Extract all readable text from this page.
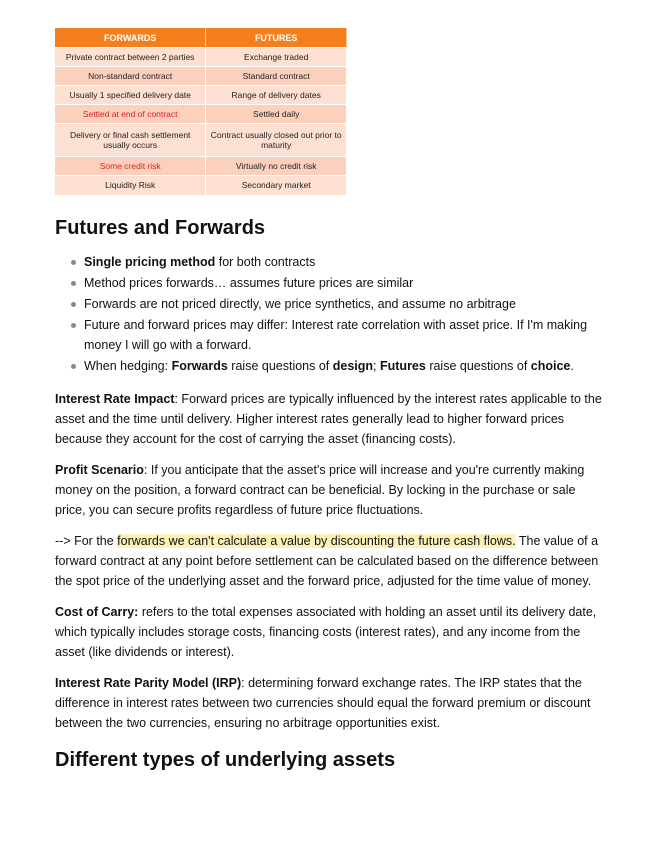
FORWARDS	FUTURES
Private contract between 2 parties	Exchange traded
Non-standard contract	Standard contract
Usually 1 specified delivery date	Range of delivery dates
Settled at end of contract	Settled daily
Delivery or final cash settlement usually occurs	Contract usually closed out prior to maturity
Some credit risk	Virtually no credit risk
Liquidity Risk	Secondary market
Futures and Forwards
Single pricing method for both contracts
Method prices forwards… assumes future prices are similar
Forwards are not priced directly, we price synthetics, and assume no arbitrage
Future and forward prices may differ: Interest rate correlation with asset price. If I'm making money I will go with a forward.
When hedging: Forwards raise questions of design; Futures raise questions of choice.

Interest Rate Impact: Forward prices are typically influenced by the interest rates applicable to the asset and the time until delivery. Higher interest rates generally lead to higher forward prices because they account for the cost of carrying the asset (financing costs).

Profit Scenario: If you anticipate that the asset's price will increase and you're currently making money on the position, a forward contract can be beneficial. By locking in the purchase or sale price, you can secure profits regardless of future price fluctuations.

--> For the forwards we can't calculate a value by discounting the future cash flows. The value of a forward contract at any point before settlement can be calculated based on the difference between the spot price of the underlying asset and the forward price, adjusted for the time value of money.

Cost of Carry: refers to the total expenses associated with holding an asset until its delivery date, which typically includes storage costs, financing costs (interest rates), and any income from the asset (like dividends or interest).

Interest Rate Parity Model (IRP): determining forward exchange rates. The IRP states that the difference in interest rates between two currencies should equal the forward premium or discount between the two currencies, ensuring no arbitrage opportunities exist.

Different types of underlying assets
